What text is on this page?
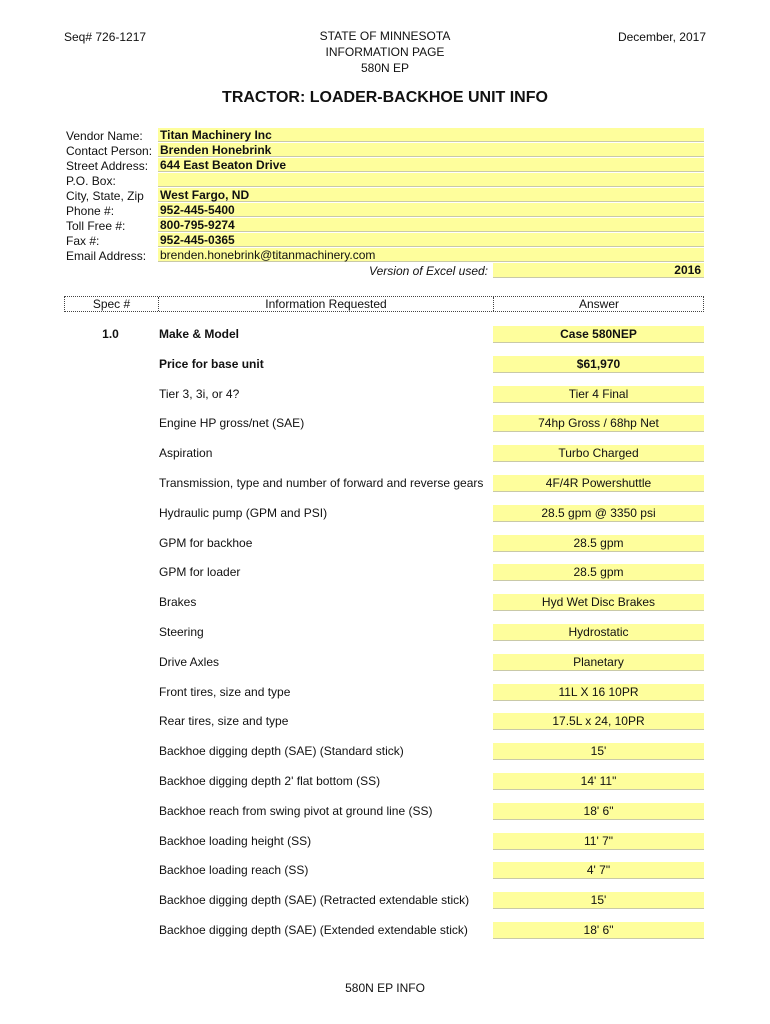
Seq# 726-1217	STATE OF MINNESOTA
INFORMATION PAGE
580N EP
December, 2017
TRACTOR: LOADER-BACKHOE UNIT INFO
Vendor Name: Titan Machinery Inc
Contact Person: Brenden Honebrink
Street Address: 644 East Beaton Drive
P.O. Box:
City, State, Zip West Fargo, ND
Phone #:	952-445-5400
Toll Free #:	800-795-9274
Fax #:	952-445-0365
Email Address: brenden.honebrink@titanmachinery.com
Version of Excel used:	2016
Spec #	Information Requested	Answer
1.0	Make & Model	Case 580NEP
Price for base unit	$61,970
Tier 3, 3i, or 4?	Tier 4 Final
Engine HP gross/net (SAE)	74hp Gross / 68hp Net
Aspiration	Turbo Charged
Transmission, type and number of forward and reverse gears	4F/4R Powershuttle
Hydraulic pump (GPM and PSI)	28.5 gpm @ 3350 psi
GPM for backhoe	28.5 gpm
GPM for loader	28.5 gpm
Brakes	Hyd Wet Disc Brakes
Steering	Hydrostatic
Drive Axles	Planetary
Front tires, size and type	11L X 16 10PR
Rear tires, size and type	17.5L x 24, 10PR
Backhoe digging depth (SAE) (Standard stick)	15'
Backhoe digging depth 2' flat bottom (SS)	14' 11"
Backhoe reach from swing pivot at ground line (SS)	18' 6"
Backhoe loading height (SS)	11' 7"
Backhoe loading reach (SS)	4' 7"
Backhoe digging depth (SAE) (Retracted extendable stick)	15'
Backhoe digging depth (SAE) (Extended extendable stick)	18' 6"
580N EP INFO
